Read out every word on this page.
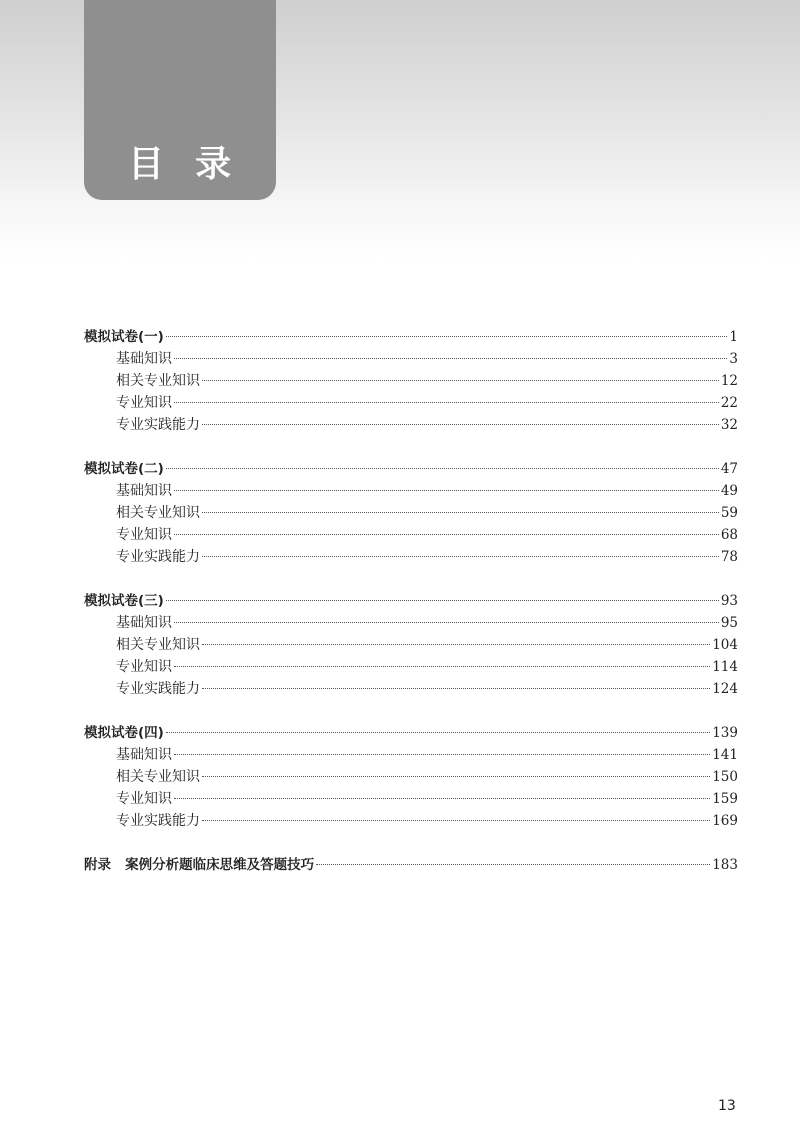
目  录
模拟试卷(一)	1
基础知识	3
相关专业知识	12
专业知识	22
专业实践能力	32
模拟试卷(二)	47
基础知识	49
相关专业知识	59
专业知识	68
专业实践能力	78
模拟试卷(三)	93
基础知识	95
相关专业知识	104
专业知识	114
专业实践能力	124
模拟试卷(四)	139
基础知识	141
相关专业知识	150
专业知识	159
专业实践能力	169
附录   案例分析题临床思维及答题技巧	183
13
